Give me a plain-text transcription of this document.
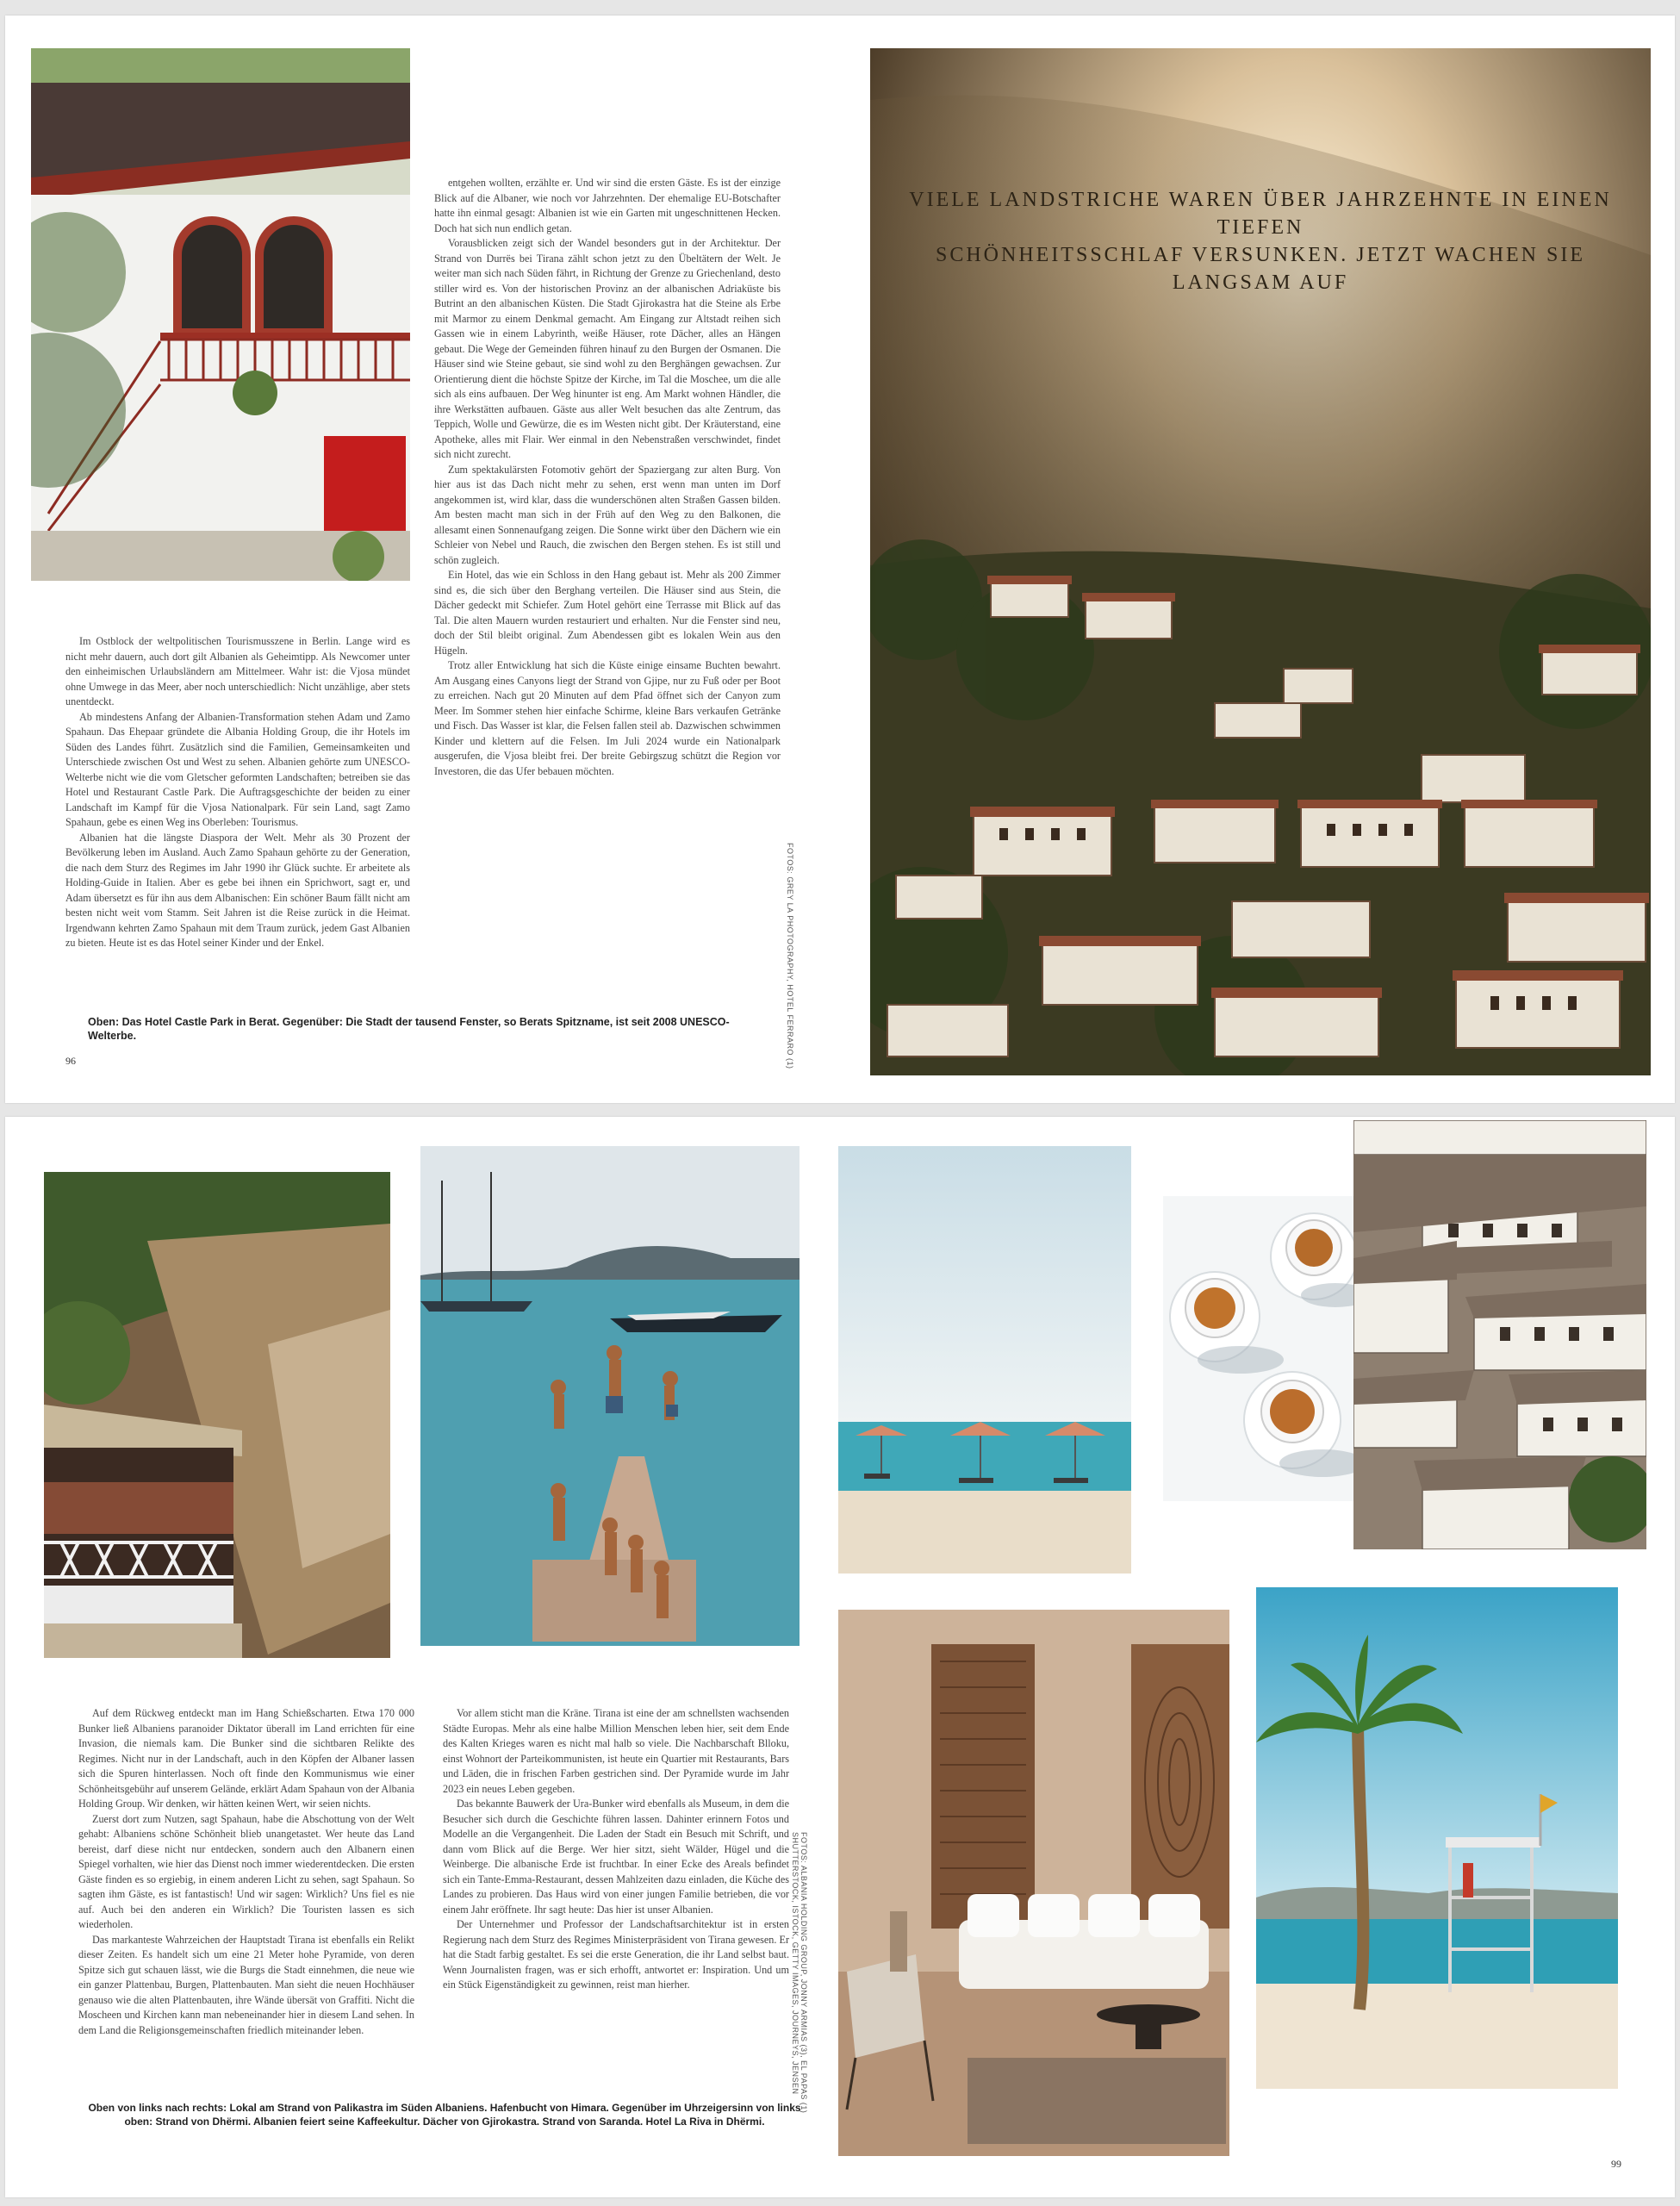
Im Ostblock der weltpolitischen Tourismusszene in Berlin. Lange wird es nicht mehr dauern, auch dort gilt Albanien als Geheimtipp. Als Newcomer unter den einheimischen Urlaubsländern am Mittelmeer. Wahr ist: die Vjosa mündet ohne Umwege in das Meer, aber noch unterschiedlich: Nicht unzählige, aber stets unentdeckt.

Ab mindestens Anfang der Albanien-Transformation stehen Adam und Zamo Spahaun. Das Ehepaar gründete die Albania Holding Group, die ihr Hotels im Süden des Landes führt. Zusätzlich sind die Familien, Gemeinsamkeiten und Unterschiede zwischen Ost und West zu sehen. Albanien gehörte zum UNESCO-Welterbe nicht wie die vom Gletscher geformten Landschaften; betreiben sie das Hotel und Restaurant Castle Park. Die Auftragsgeschichte der beiden zu einer Landschaft im Kampf für die Vjosa Nationalpark. Für sein Land, sagt Zamo Spahaun, gebe es einen Weg ins Oberleben: Tourismus.

Albanien hat die längste Diaspora der Welt. Mehr als 30 Prozent der Bevölkerung leben im Ausland. Auch Zamo Spahaun gehörte zu der Generation, die nach dem Sturz des Regimes im Jahr 1990 ihr Glück suchte. Er arbeitete als Holding-Guide in Italien. Aber es gebe bei ihnen ein Sprichwort, sagt er, und Adam übersetzt es für ihn aus dem Albanischen: Ein schöner Baum fällt nicht am besten nicht weit vom Stamm. Seit Jahren ist die Reise zurück in die Heimat. Irgendwann kehrten Zamo Spahaun mit dem Traum zurück, jedem Gast Albanien zu bieten. Heute ist es das Hotel seiner Kinder und der Enkel.

entgehen wollten, erzählte er. Und wir sind die ersten Gäste. Es ist der einzige Blick auf die Albaner, wie noch vor Jahrzehnten. Der ehemalige EU-Botschafter hatte ihn einmal gesagt: Albanien ist wie ein Garten mit ungeschnittenen Hecken. Doch hat sich nun endlich getan.

Vorausblicken zeigt sich der Wandel besonders gut in der Architektur. Der Strand von Durrës bei Tirana zählt schon jetzt zu den Übeltätern der Welt. Je weiter man sich nach Süden fährt, in Richtung der Grenze zu Griechenland, desto stiller wird es. Von der historischen Provinz an der albanischen Adriaküste bis Butrint an den albanischen Küsten. Die Stadt Gjirokastra hat die Steine als Erbe mit Marmor zu einem Denkmal gemacht. Am Eingang zur Altstadt reihen sich Gassen wie in einem Labyrinth, weiße Häuser, rote Dächer, alles an Hängen gebaut. Die Wege der Gemeinden führen hinauf zu den Burgen der Osmanen. Die Häuser sind wie Steine gebaut, sie sind wohl zu den Berghängen gewachsen. Zur Orientierung dient die höchste Spitze der Kirche, im Tal die Moschee, um die alle sich als eins aufbauen. Der Weg hinunter ist eng. Am Markt wohnen Händler, die ihre Werkstätten aufbauen. Gäste aus aller Welt besuchen das alte Zentrum, das Teppich, Wolle und Gewürze, die es im Westen nicht gibt. Der Kräuterstand, eine Apotheke, alles mit Flair. Wer einmal in den Nebenstraßen verschwindet, findet sich nicht zurecht.

Zum spektakulärsten Fotomotiv gehört der Spaziergang zur alten Burg. Von hier aus ist das Dach nicht mehr zu sehen, erst wenn man unten im Dorf angekommen ist, wird klar, dass die wunderschönen alten Straßen Gassen bilden. Am besten macht man sich in der Früh auf den Weg zu den Balkonen, die allesamt einen Sonnenaufgang zeigen. Die Sonne wirkt über den Dächern wie ein Schleier von Nebel und Rauch, die zwischen den Bergen stehen. Es ist still und schön zugleich.

Ein Hotel, das wie ein Schloss in den Hang gebaut ist. Mehr als 200 Zimmer sind es, die sich über den Berghang verteilen. Die Häuser sind aus Stein, die Dächer gedeckt mit Schiefer. Zum Hotel gehört eine Terrasse mit Blick auf das Tal. Die alten Mauern wurden restauriert und erhalten. Nur die Fenster sind neu, doch der Stil bleibt original. Zum Abendessen gibt es lokalen Wein aus den Hügeln.

Trotz aller Entwicklung hat sich die Küste einige einsame Buchten bewahrt. Am Ausgang eines Canyons liegt der Strand von Gjipe, nur zu Fuß oder per Boot zu erreichen. Nach gut 20 Minuten auf dem Pfad öffnet sich der Canyon zum Meer. Im Sommer stehen hier einfache Schirme, kleine Bars verkaufen Getränke und Fisch. Das Wasser ist klar, die Felsen fallen steil ab. Dazwischen schwimmen Kinder und klettern auf die Felsen. Im Juli 2024 wurde ein Nationalpark ausgerufen, die Vjosa bleibt frei. Der breite Gebirgszug schützt die Region vor Investoren, die das Ufer bebauen möchten.

Oben: Das Hotel Castle Park in Berat. Gegenüber: Die Stadt der tausend Fenster, so Berats Spitzname, ist seit 2008 UNESCO-Welterbe.	FOTOS: GREY LA PHOTOGRAPHY, HOTEL FERRARO (1)
96
VIELE LANDSTRICHE WAREN ÜBER JAHRZEHNTE IN EINEN TIEFEN
SCHÖNHEITSSCHLAF VERSUNKEN. JETZT WACHEN SIE LANGSAM AUF

Auf dem Rückweg entdeckt man im Hang Schießscharten. Etwa 170 000 Bunker ließ Albaniens paranoider Diktator überall im Land errichten für eine Invasion, die niemals kam. Die Bunker sind die sichtbaren Relikte des Regimes. Nicht nur in der Landschaft, auch in den Köpfen der Albaner lassen sich die Spuren hinterlassen. Noch oft finde den Kommunismus wie einer Schönheitsgebühr auf unserem Gelände, erklärt Adam Spahaun von der Albania Holding Group. Wir denken, wir hätten keinen Wert, wir seien nichts.

Zuerst dort zum Nutzen, sagt Spahaun, habe die Abschottung von der Welt gehabt: Albaniens schöne Schönheit blieb unangetastet. Wer heute das Land bereist, darf diese nicht nur entdecken, sondern auch den Albanern einen Spiegel vorhalten, wie hier das Dienst noch immer wiederentdecken. Die ersten Gäste finden es so ergiebig, in einem anderen Licht zu sehen, sagt Spahaun. So sagten ihm Gäste, es ist fantastisch! Und wir sagen: Wirklich? Uns fiel es nie auf. Auch bei den anderen ein Wirklich? Die Touristen lassen es sich wiederholen.

Das markanteste Wahrzeichen der Hauptstadt Tirana ist ebenfalls ein Relikt dieser Zeiten. Es handelt sich um eine 21 Meter hohe Pyramide, von deren Spitze sich gut schauen lässt, wie die Burgs die Stadt einnehmen, die neue wie ein ganzer Plattenbau, Burgen, Plattenbauten. Man sieht die neuen Hochhäuser genauso wie die alten Plattenbauten, ihre Wände übersät von Graffiti. Nicht die Moscheen und Kirchen kann man nebeneinander hier in diesem Land sehen. In dem Land die Religionsgemeinschaften friedlich miteinander leben.

Vor allem sticht man die Kräne. Tirana ist eine der am schnellsten wachsenden Städte Europas. Mehr als eine halbe Million Menschen leben hier, seit dem Ende des Kalten Krieges waren es nicht mal halb so viele. Die Nachbarschaft Blloku, einst Wohnort der Parteikommunisten, ist heute ein Quartier mit Restaurants, Bars und Läden, die in frischen Farben gestrichen sind. Der Pyramide wurde im Jahr 2023 ein neues Leben gegeben.

Das bekannte Bauwerk der Ura-Bunker wird ebenfalls als Museum, in dem die Besucher sich durch die Geschichte führen lassen. Dahinter erinnern Fotos und Modelle an die Vergangenheit. Die Laden der Stadt ein Besuch mit Schrift, und dann vom Blick auf die Berge. Wer hier sitzt, sieht Wälder, Hügel und die Weinberge. Die albanische Erde ist fruchtbar. In einer Ecke des Areals befindet sich ein Tante-Emma-Restaurant, dessen Mahlzeiten dazu einladen, die Küche des Landes zu probieren. Das Haus wird von einer jungen Familie betrieben, die vor einem Jahr eröffnete. Ihr sagt heute: Das hier ist unser Albanien.

Der Unternehmer und Professor der Landschaftsarchitektur ist in ersten Regierung nach dem Sturz des Regimes Ministerpräsident von Tirana gewesen. Er hat die Stadt farbig gestaltet. Es sei die erste Generation, die ihr Land selbst baut. Wenn Journalisten fragen, was er sich erhofft, antwortet er: Inspiration. Und um ein Stück Eigenständigkeit zu gewinnen, reist man hierher.

Oben von links nach rechts: Lokal am Strand von Palikastra im Süden Albaniens. Hafenbucht von Himara. Gegenüber im Uhrzeigersinn von links
oben: Strand von Dhërmi. Albanien feiert seine Kaffeekultur. Dächer von Gjirokastra. Strand von Saranda. Hotel La Riva in Dhërmi.
FOTOS: ALBANIA HOLDING GROUP, JONNY ARMIAS (3), EL PAPAS (1)
SHUTTERSTOCK, ISTOCK, GETTY IMAGES, JOURNEYS, JENSEN
99
